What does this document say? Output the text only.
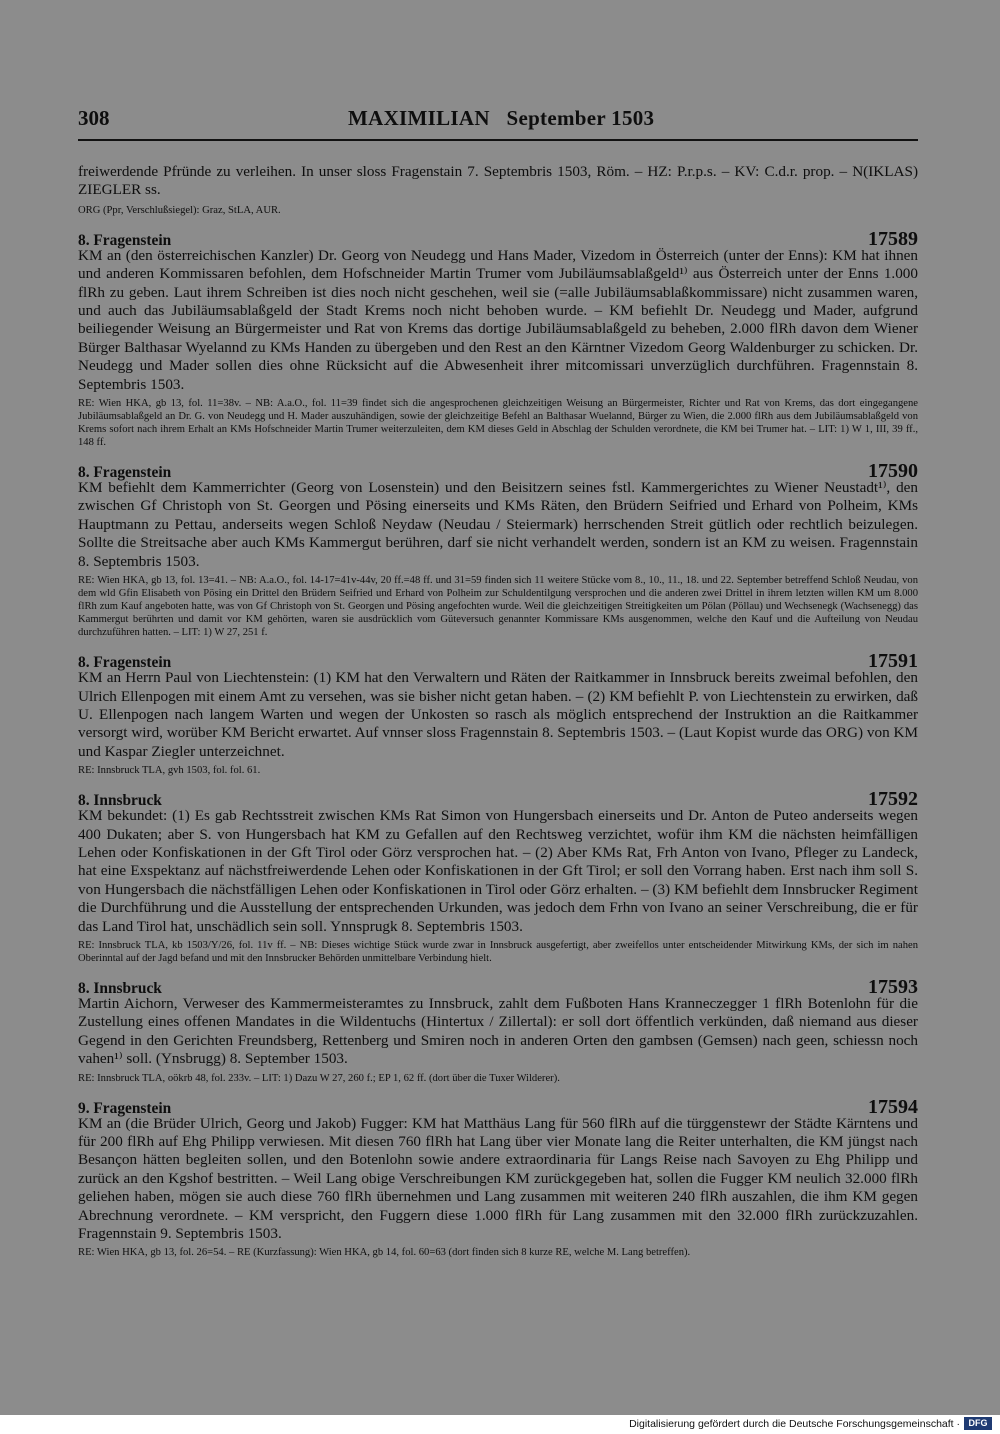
308	MAXIMILIAN   September 1503

freiwerdende Pfründe zu verleihen. In unser sloss Fragenstain 7. Septembris 1503, Röm. – HZ: P.r.p.s. – KV: C.d.r. prop. – N(IKLAS) ZIEGLER ss.

ORG (Ppr, Verschlußsiegel): Graz, StLA, AUR.

8. Fragenstein	17589

KM an (den österreichischen Kanzler) Dr. Georg von Neudegg und Hans Mader, Vizedom in Österreich (unter der Enns): KM hat ihnen und anderen Kommissaren befohlen, dem Hofschneider Martin Trumer vom Jubiläumsablaßgeld¹⁾ aus Österreich unter der Enns 1.000 flRh zu geben. Laut ihrem Schreiben ist dies noch nicht geschehen, weil sie (=alle Jubiläumsablaßkommissare) nicht zusammen waren, und auch das Jubiläumsablaßgeld der Stadt Krems noch nicht behoben wurde. – KM befiehlt Dr. Neudegg und Mader, aufgrund beiliegender Weisung an Bürgermeister und Rat von Krems das dortige Jubiläumsablaßgeld zu beheben, 2.000 flRh davon dem Wiener Bürger Balthasar Wyelannd zu KMs Handen zu übergeben und den Rest an den Kärntner Vizedom Georg Waldenburger zu schicken. Dr. Neudegg und Mader sollen dies ohne Rücksicht auf die Abwesenheit ihrer mitcomissari unverzüglich durchführen. Fragennstain 8. Septembris 1503.

RE: Wien HKA, gb 13, fol. 11=38v. – NB: A.a.O., fol. 11=39 findet sich die angesprochenen gleichzeitigen Weisung an Bürgermeister, Richter und Rat von Krems, das dort eingegangene Jubiläumsablaßgeld an Dr. G. von Neudegg und H. Mader auszuhändigen, sowie der gleichzeitige Befehl an Balthasar Wuelannd, Bürger zu Wien, die 2.000 flRh aus dem Jubiläumsablaßgeld von Krems sofort nach ihrem Erhalt an KMs Hofschneider Martin Trumer weiterzuleiten, dem KM dieses Geld in Abschlag der Schulden verordnete, die KM bei Trumer hat. – LIT: 1) W 1, III, 39 ff., 148 ff.

8. Fragenstein	17590

KM befiehlt dem Kammerrichter (Georg von Losenstein) und den Beisitzern seines fstl. Kammergerichtes zu Wiener Neustadt¹⁾, den zwischen Gf Christoph von St. Georgen und Pösing einerseits und KMs Räten, den Brüdern Seifried und Erhard von Polheim, KMs Hauptmann zu Pettau, anderseits wegen Schloß Neydaw (Neudau / Steiermark) herrschenden Streit gütlich oder rechtlich beizulegen. Sollte die Streitsache aber auch KMs Kammergut berühren, darf sie nicht verhandelt werden, sondern ist an KM zu weisen. Fragennstain 8. Septembris 1503.

RE: Wien HKA, gb 13, fol. 13=41. – NB: A.a.O., fol. 14-17=41v-44v, 20 ff.=48 ff. und 31=59 finden sich 11 weitere Stücke vom 8., 10., 11., 18. und 22. September betreffend Schloß Neudau, von dem wld Gfin Elisabeth von Pösing ein Drittel den Brüdern Seifried und Erhard von Polheim zur Schuldentilgung versprochen und die anderen zwei Drittel in ihrem letzten willen KM um 8.000 flRh zum Kauf angeboten hatte, was von Gf Christoph von St. Georgen und Pösing angefochten wurde. Weil die gleichzeitigen Streitigkeiten um Pölan (Pöllau) und Wechsenegk (Wachsenegg) das Kammergut berührten und damit vor KM gehörten, waren sie ausdrücklich vom Güteversuch genannter Kommissare KMs ausgenommen, welche den Kauf und die Aufteilung von Neudau durchzuführen hatten. – LIT: 1) W 27, 251 f.

8. Fragenstein	17591

KM an Herrn Paul von Liechtenstein: (1) KM hat den Verwaltern und Räten der Raitkammer in Innsbruck bereits zweimal befohlen, den Ulrich Ellenpogen mit einem Amt zu versehen, was sie bisher nicht getan haben. – (2) KM befiehlt P. von Liechtenstein zu erwirken, daß U. Ellenpogen nach langem Warten und wegen der Unkosten so rasch als möglich entsprechend der Instruktion an die Raitkammer versorgt wird, worüber KM Bericht erwartet. Auf vnnser sloss Fragennstain 8. Septembris 1503. – (Laut Kopist wurde das ORG) von KM und Kaspar Ziegler unterzeichnet.

RE: Innsbruck TLA, gvh 1503, fol. fol. 61.

8. Innsbruck	17592

KM bekundet: (1) Es gab Rechtsstreit zwischen KMs Rat Simon von Hungersbach einerseits und Dr. Anton de Puteo anderseits wegen 400 Dukaten; aber S. von Hungersbach hat KM zu Gefallen auf den Rechtsweg verzichtet, wofür ihm KM die nächsten heimfälligen Lehen oder Konfiskationen in der Gft Tirol oder Görz versprochen hat. – (2) Aber KMs Rat, Frh Anton von Ivano, Pfleger zu Landeck, hat eine Exspektanz auf nächstfreiwerdende Lehen oder Konfiskationen in der Gft Tirol; er soll den Vorrang haben. Erst nach ihm soll S. von Hungersbach die nächstfälligen Lehen oder Konfiskationen in Tirol oder Görz erhalten. – (3) KM befiehlt dem Innsbrucker Regiment die Durchführung und die Ausstellung der entsprechenden Urkunden, was jedoch dem Frhn von Ivano an seiner Verschreibung, die er für das Land Tirol hat, unschädlich sein soll. Ynnsprugk 8. Septembris 1503.

RE: Innsbruck TLA, kb 1503/Y/26, fol. 11v ff. – NB: Dieses wichtige Stück wurde zwar in Innsbruck ausgefertigt, aber zweifellos unter entscheidender Mitwirkung KMs, der sich im nahen Oberinntal auf der Jagd befand und mit den Innsbrucker Behörden unmittelbare Verbindung hielt.

8. Innsbruck	17593

Martin Aichorn, Verweser des Kammermeisteramtes zu Innsbruck, zahlt dem Fußboten Hans Kranneczegger 1 flRh Botenlohn für die Zustellung eines offenen Mandates in die Wildentuchs (Hintertux / Zillertal): er soll dort öffentlich verkünden, daß niemand aus dieser Gegend in den Gerichten Freundsberg, Rettenberg und Smiren noch in anderen Orten den gambsen (Gemsen) nach geen, schiessn noch vahen¹⁾ soll. (Ynsbrugg) 8. September 1503.

RE: Innsbruck TLA, oökrb 48, fol. 233v. – LIT: 1) Dazu W 27, 260 f.; EP 1, 62 ff. (dort über die Tuxer Wilderer).

9. Fragenstein	17594

KM an (die Brüder Ulrich, Georg und Jakob) Fugger: KM hat Matthäus Lang für 560 flRh auf die türggenstewr der Städte Kärntens und für 200 flRh auf Ehg Philipp verwiesen. Mit diesen 760 flRh hat Lang über vier Monate lang die Reiter unterhalten, die KM jüngst nach Besançon hätten begleiten sollen, und den Botenlohn sowie andere extraordinaria für Langs Reise nach Savoyen zu Ehg Philipp und zurück an den Kgshof bestritten. – Weil Lang obige Verschreibungen KM zurückgegeben hat, sollen die Fugger KM neulich 32.000 flRh geliehen haben, mögen sie auch diese 760 flRh übernehmen und Lang zusammen mit weiteren 240 flRh auszahlen, die ihm KM gegen Abrechnung verordnete. – KM verspricht, den Fuggern diese 1.000 flRh für Lang zusammen mit den 32.000 flRh zurückzuzahlen. Fragennstain 9. Septembris 1503.

RE: Wien HKA, gb 13, fol. 26=54. – RE (Kurzfassung): Wien HKA, gb 14, fol. 60=63 (dort finden sich 8 kurze RE, welche M. Lang betreffen).

Digitalisierung gefördert durch die Deutsche Forschungsgemeinschaft · DFG
